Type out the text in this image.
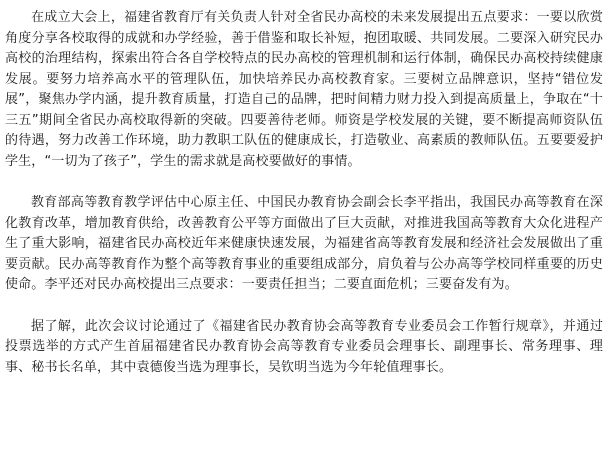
在成立大会上，福建省教育厅有关负责人针对全省民办高校的未来发展提出五点要求：一要以欣赏角度分享各校取得的成就和办学经验，善于借鉴和取长补短，抱团取暖、共同发展。二要深入研究民办高校的治理结构，探索出符合各自学校特点的民办高校的管理机制和运行体制，确保民办高校持续健康发展。要努力培养高水平的管理队伍，加快培养民办高校教育家。三要树立品牌意识，坚持“错位发展”，聚焦办学内涵，提升教育质量，打造自己的品牌，把时间精力财力投入到提高质量上，争取在“十三五”期间全省民办高校取得新的突破。四要善待老师。师资是学校发展的关键，要不断提高师资队伍的待遇，努力改善工作环境，助力教职工队伍的健康成长，打造敬业、高素质的教师队伍。五要要爱护学生，“一切为了孩子”，学生的需求就是高校要做好的事情。

教育部高等教育教学评估中心原主任、中国民办教育协会副会长李平指出，我国民办高等教育在深化教育改革，增加教育供给，改善教育公平等方面做出了巨大贡献，对推进我国高等教育大众化进程产生了重大影响，福建省民办高校近年来健康快速发展，为福建省高等教育发展和经济社会发展做出了重要贡献。民办高等教育作为整个高等教育事业的重要组成部分，肩负着与公办高等学校同样重要的历史使命。李平还对民办高校提出三点要求：一要责任担当；二要直面危机；三要奋发有为。

据了解，此次会议讨论通过了《福建省民办教育协会高等教育专业委员会工作暂行规章》，并通过投票选举的方式产生首届福建省民办教育协会高等教育专业委员会理事长、副理事长、常务理事、理事、秘书长名单，其中袁德俊当选为理事长，吴钦明当选为今年轮值理事长。
